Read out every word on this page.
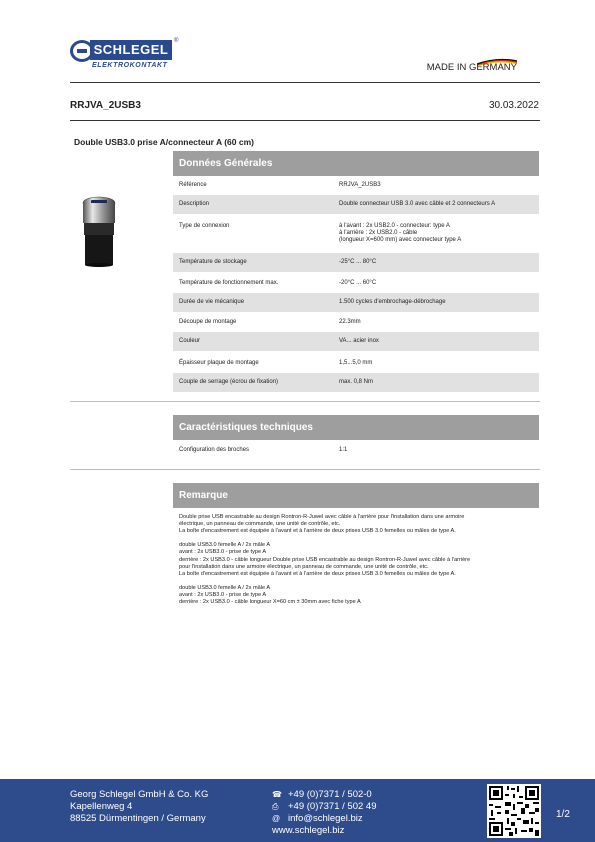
SCHLEGEL
®
ELEKTROKONTAKT	MADE IN GERMANY
RRJVA_2USB3	30.03.2022
Double USB3.0 prise A/connecteur A (60 cm)
Données Générales
Référence	RRJVA_2USB3
Description	Double connecteur USB 3.0 avec câble et 2 connecteurs A
Type de connexion	à l'avant : 2x USB2.0 - connecteur: type A
à l'arrière : 2x USB2.0 - câble
(longueur X=600 mm) avec connecteur type A
Température de stockage	-25°C ... 80°C
Température de fonctionnement max.	-20°C ... 60°C
Durée de vie mécanique	1.500 cycles d'embrochage-débrochage
Découpe de montage	22.3mm
Couleur	VA... acier inox
Épaisseur plaque de montage	1,5...5,0 mm
Couple de serrage (écrou de fixation)	max. 0,8 Nm
Caractéristiques techniques
Configuration des broches	1:1
Remarque
Double prise USB encastrable au design Rontron-R-Juwel avec câble à l'arrière pour l'installation dans une armoire
électrique, un panneau de commande, une unité de contrôle, etc.
La boîte d'encastrement est équipée à l'avant et à l'arrière de deux prises USB 3.0 femelles ou mâles de type A.

double USB3.0 femelle A / 2x mâle A
avant : 2x USB3.0 - prise de type A
derrière : 2x USB3.0 - câble longueur Double prise USB encastrable au design Rontron-R-Juwel avec câble à l'arrière
pour l'installation dans une armoire électrique, un panneau de commande, une unité de contrôle, etc.
La boîte d'encastrement est équipée à l'avant et à l'arrière de deux prises USB 3.0 femelles ou mâles de type A.

double USB3.0 femelle A / 2x mâle A
avant : 2x USB3.0 - prise de type A
derrière : 2x USB3.0 - câble longueur X=60 cm ± 30mm avec fiche type A
Georg Schlegel GmbH & Co. KG
Kapellenweg 4
88525 Dürmentingen / Germany
☎ +49 (0)7371 / 502-0
⎙	+49 (0)7371 / 502 49
@ info@schlegel.biz
www.schlegel.biz
1/2
